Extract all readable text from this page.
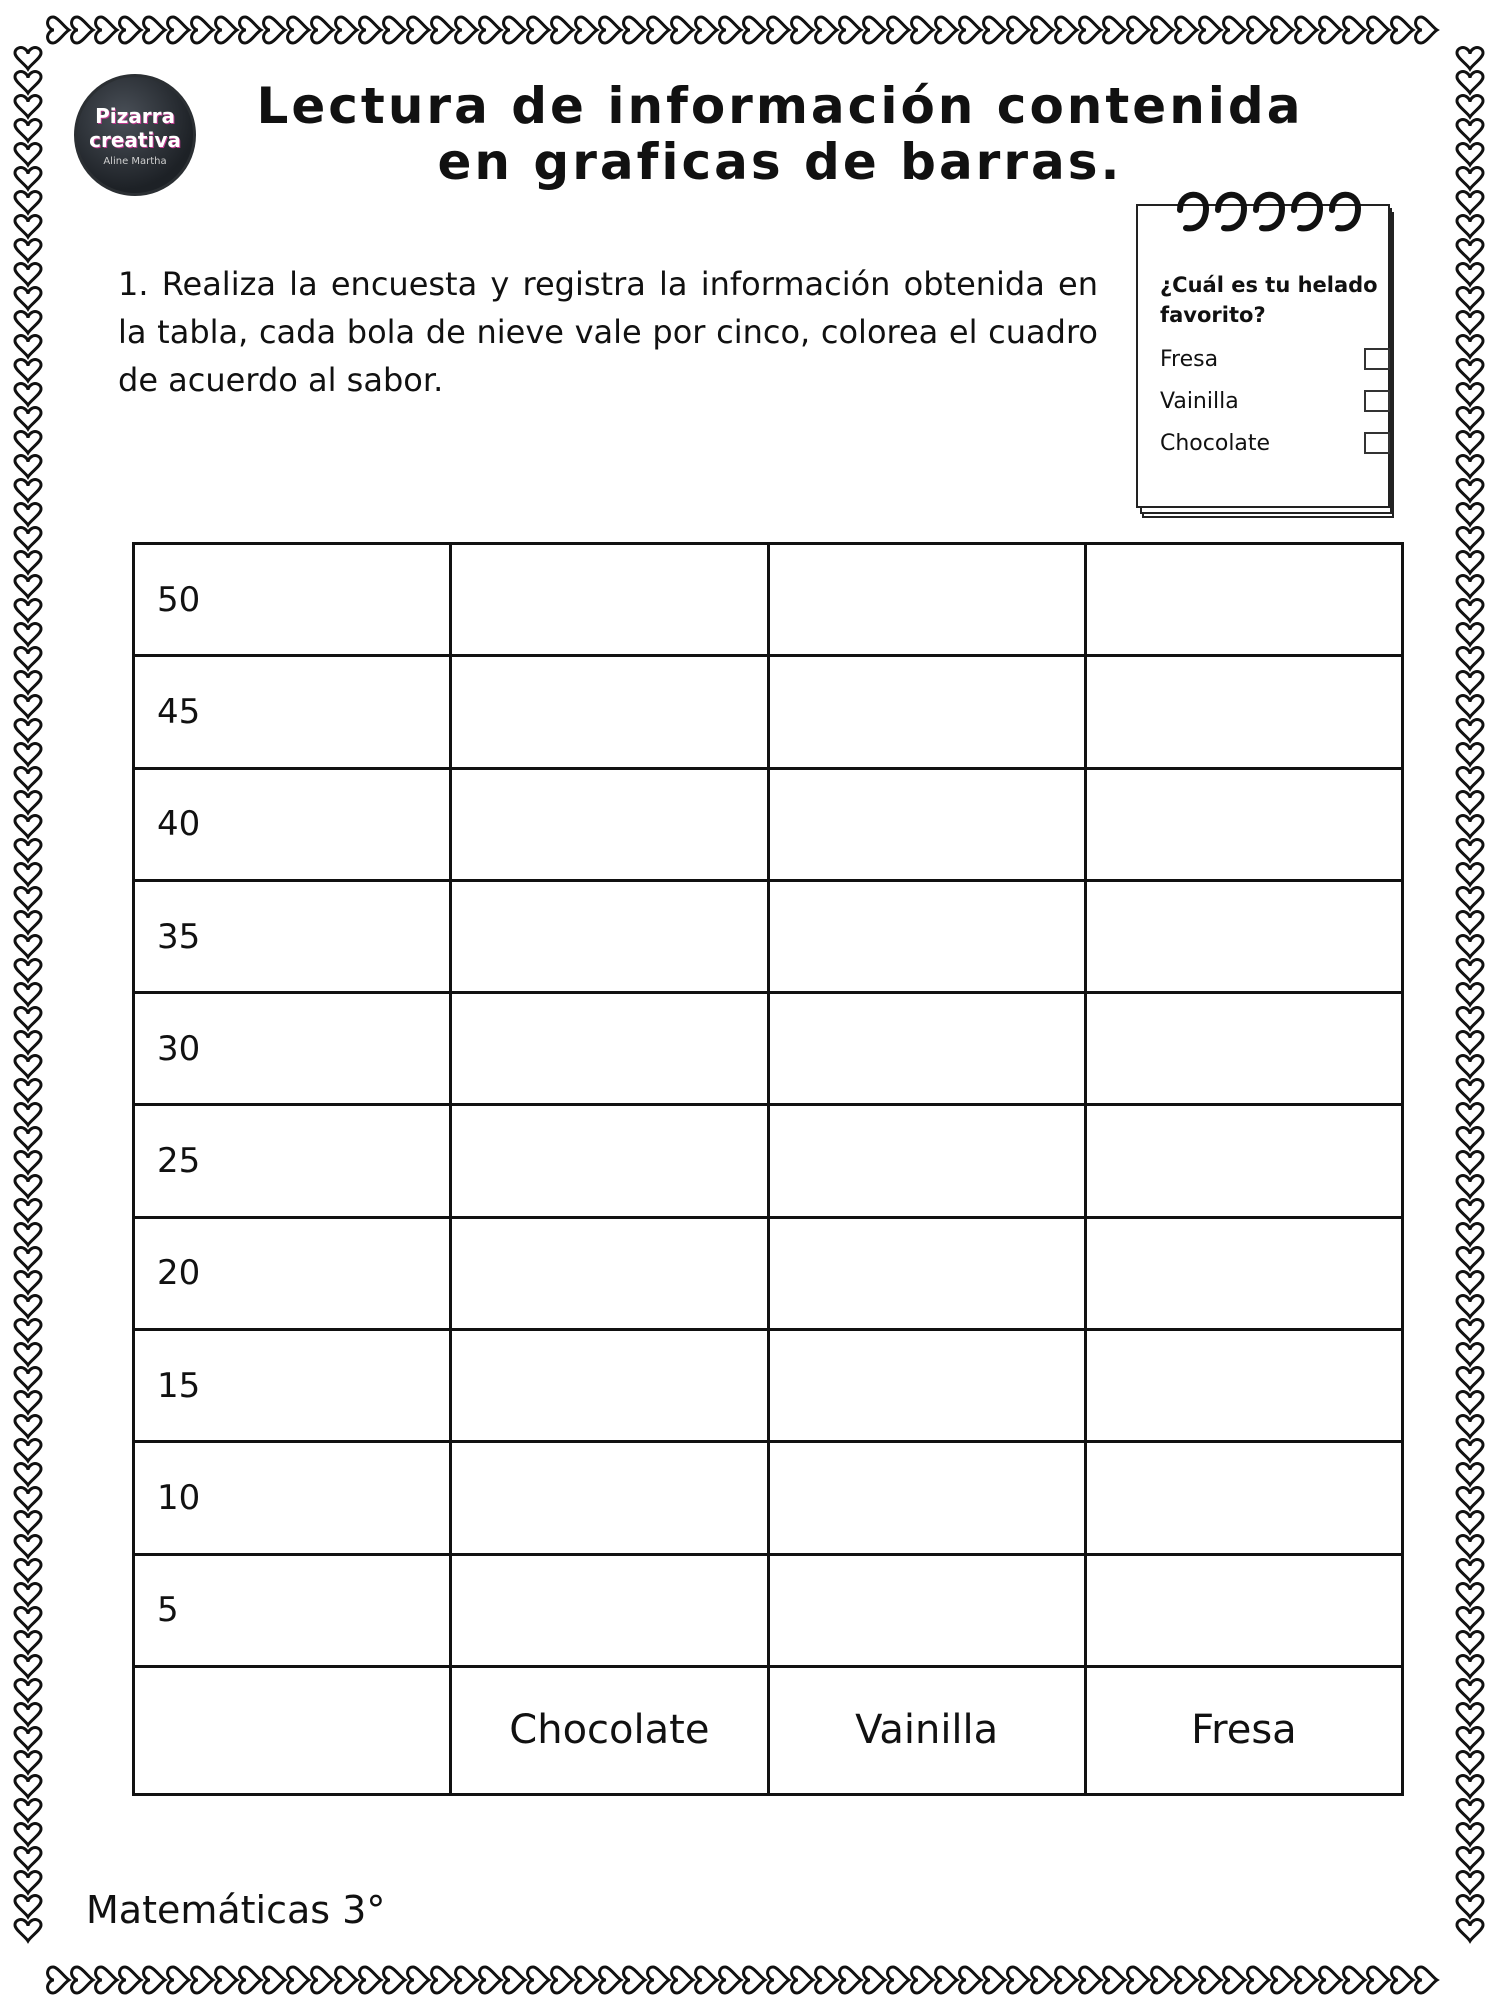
Pizarra
creativa
Aline Martha
Lectura de información contenida
en graficas de barras.
1. Realiza la encuesta y registra la información obtenida en la tabla, cada bola de nieve vale por cinco, colorea el cuadro de acuerdo al sabor.
¿Cuál es tu helado favorito?
Fresa
Vainilla
Chocolate
50			
45			
40			
35			
30			
25			
20			
15			
10			
5			
	Chocolate	Vainilla	Fresa
Matemáticas 3°
